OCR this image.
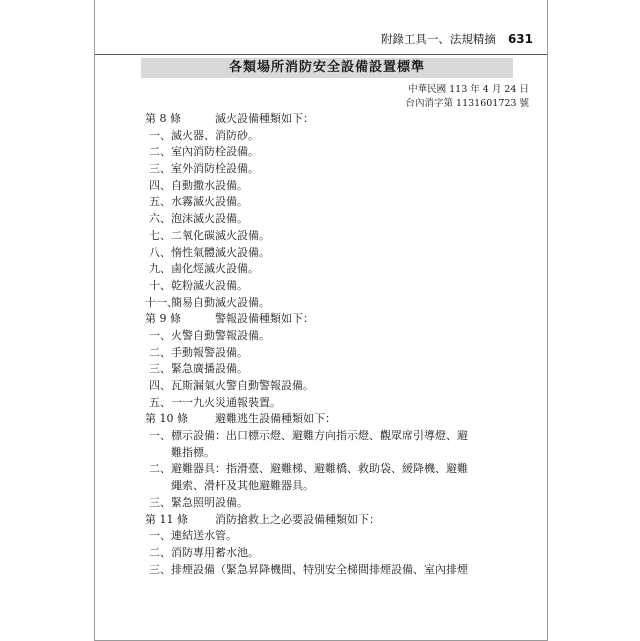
附錄工具一、法規精摘 631
各類場所消防安全設備設置標準
中華民國 113 年 4 月 24 日
台內消字第 1131601723 號
第 8 條	滅火設備種類如下：
一、滅火器、消防砂。
二、室內消防栓設備。
三、室外消防栓設備。
四、自動撒水設備。
五、水霧滅火設備。
六、泡沫滅火設備。
七、二氧化碳滅火設備。
八、惰性氣體滅火設備。
九、鹵化烴滅火設備。
十、乾粉滅火設備。
十一、簡易自動滅火設備。
第 9 條	警報設備種類如下：
一、火警自動警報設備。
二、手動報警設備。
三、緊急廣播設備。
四、瓦斯漏氣火警自動警報設備。
五、一一九火災通報裝置。
第 10 條 避難逃生設備種類如下：
一、標示設備：出口標示燈、避難方向指示燈、觀眾席引導燈、避
難指標。
二、避難器具：指滑臺、避難梯、避難橋、救助袋、緩降機、避難
繩索、滑杆及其他避難器具。
三、緊急照明設備。
第 11 條 消防搶救上之必要設備種類如下：
一、連結送水管。
二、消防專用蓄水池。
三、排煙設備（緊急昇降機間、特別安全梯間排煙設備、室內排煙
